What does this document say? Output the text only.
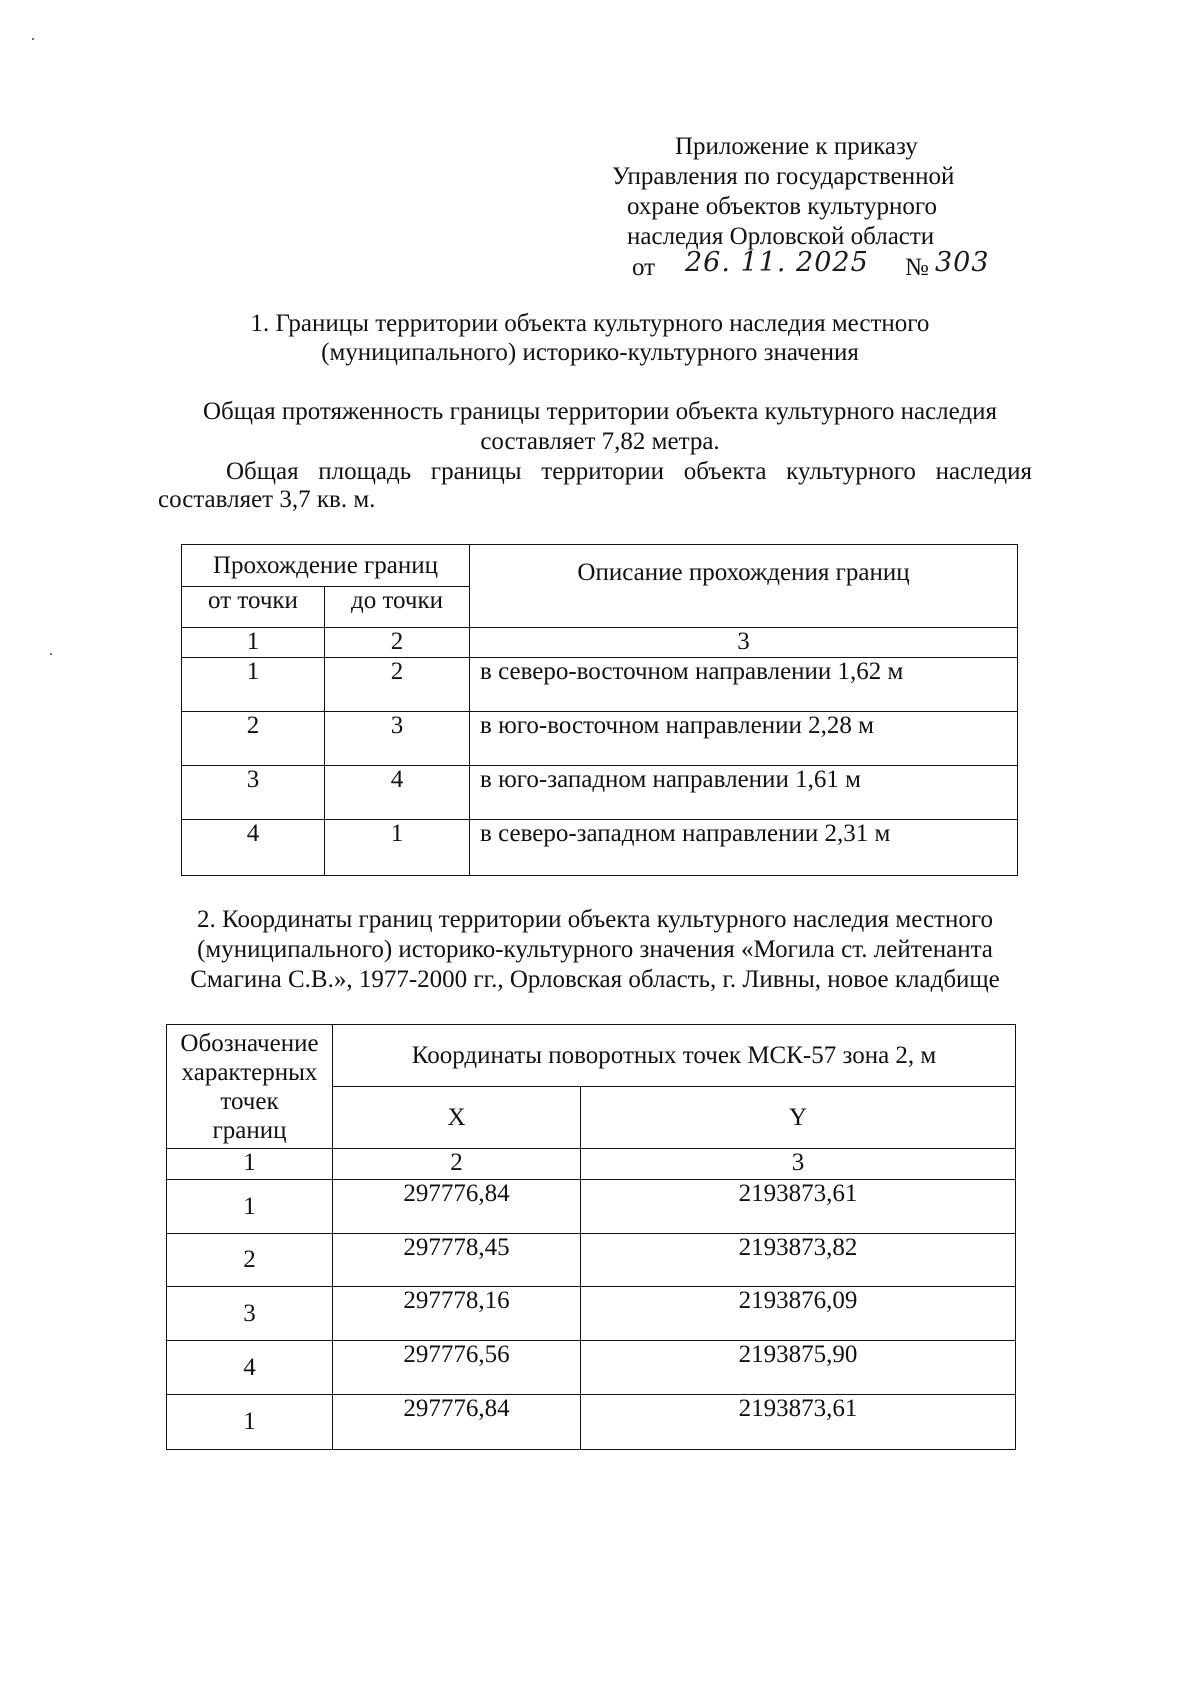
Приложение к приказу
Управления по государственной
охране объектов культурного
наследия Орловской области
от 26. 11. 2025 № 303
1. Границы территории объекта культурного наследия местного
(муниципального) историко-культурного значения
Общая протяженность границы территории объекта культурного наследия
составляет 7,82 метра.
Общая площадь границы территории объекта культурного наследия
составляет 3,7 кв. м.
Прохождение границ		Описание прохождения границ
от точки	до точки	
1	2	3
1	2	в северо-восточном направлении 1,62 м
2	3	в юго-восточном направлении 2,28 м
3	4	в юго-западном направлении 1,61 м
4	1	в северо-западном направлении 2,31 м
2. Координаты границ территории объекта культурного наследия местного
(муниципального) историко-культурного значения «Могила ст. лейтенанта
Смагина С.В.», 1977-2000 гг., Орловская область, г. Ливны, новое кладбище
Обозначение
характерных
точек
границ	Координаты поворотных точек МСК-57 зона 2, м	
	X	Y
1	2	3
1	297776,84	2193873,61
2	297778,45	2193873,82
3	297778,16	2193876,09
4	297776,56	2193875,90
1	297776,84	2193873,61
